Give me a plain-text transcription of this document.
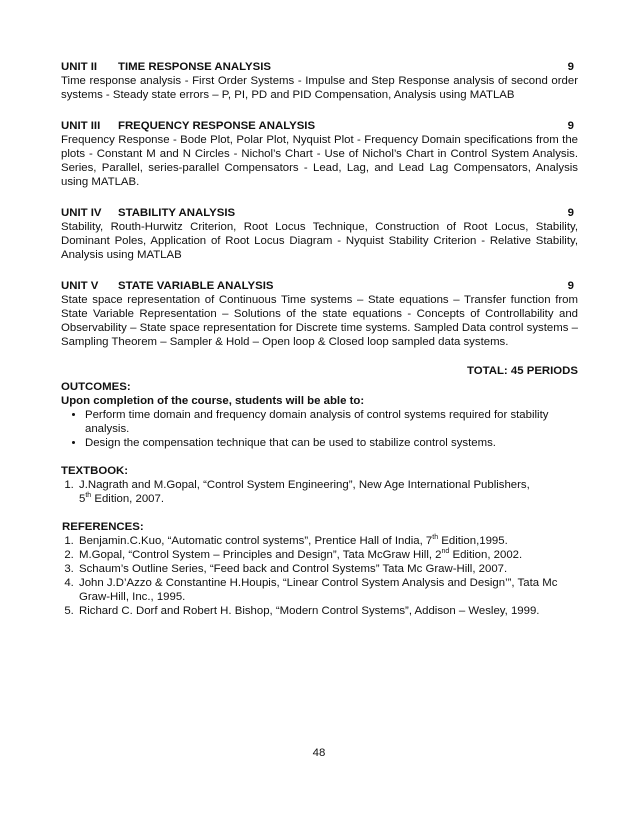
UNIT II	TIME RESPONSE ANALYSIS	9
Time response analysis - First Order Systems - Impulse and Step Response analysis of second order systems - Steady state errors – P, PI, PD and PID Compensation, Analysis using MATLAB
UNIT III	FREQUENCY RESPONSE ANALYSIS	9
Frequency Response - Bode Plot, Polar Plot, Nyquist Plot - Frequency Domain specifications from the plots - Constant M and N Circles - Nichol’s Chart - Use of Nichol’s Chart in Control System Analysis. Series, Parallel, series-parallel Compensators - Lead, Lag, and Lead Lag Compensators, Analysis using MATLAB.
UNIT IV	STABILITY ANALYSIS	9
Stability, Routh-Hurwitz Criterion, Root Locus Technique, Construction of Root Locus, Stability, Dominant Poles, Application of Root Locus Diagram - Nyquist Stability Criterion - Relative Stability, Analysis using MATLAB
UNIT V	STATE VARIABLE ANALYSIS	9
State space representation of Continuous Time systems – State equations – Transfer function from State Variable Representation – Solutions of the state equations - Concepts of Controllability and Observability – State space representation for Discrete time systems. Sampled Data control systems – Sampling Theorem – Sampler & Hold – Open loop & Closed loop sampled data systems.
TOTAL: 45 PERIODS
OUTCOMES:
Upon completion of the course, students will be able to:
• Perform time domain and frequency domain analysis of control systems required for stability analysis.
• Design the compensation technique that can be used to stabilize control systems.
TEXTBOOK:
1. J.Nagrath and M.Gopal, “Control System Engineering”, New Age International Publishers,
5th Edition, 2007.
REFERENCES:
1. Benjamin.C.Kuo, “Automatic control systems”, Prentice Hall of India, 7th Edition,1995.
2. M.Gopal, “Control System – Principles and Design”, Tata McGraw Hill, 2nd Edition, 2002.
3. Schaum’s Outline Series, “Feed back and Control Systems” Tata Mc Graw-Hill, 2007.
4. John J.D’Azzo & Constantine H.Houpis, “Linear Control System Analysis and Design’”, Tata Mc Graw-Hill, Inc., 1995.
5. Richard C. Dorf and Robert H. Bishop, “Modern Control Systems”, Addison – Wesley, 1999.
48
